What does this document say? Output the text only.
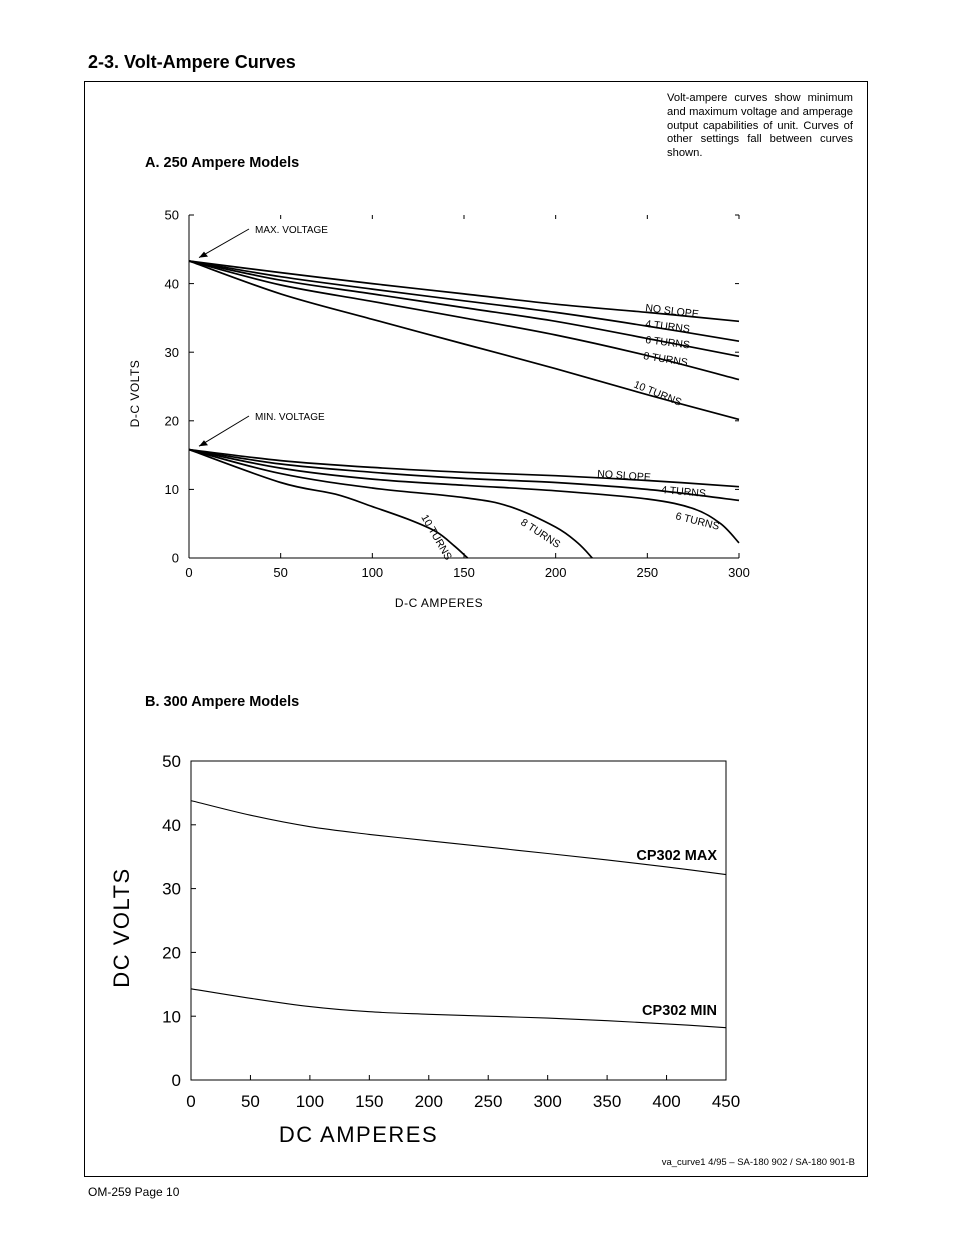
2-3. Volt-Ampere Curves

Volt-ampere curves show minimum and maximum voltage and amperage output capabilities of unit. Curves of other settings fall between curves shown.

A. 250 Ampere Models

0	50	100	150	200	250	300
0
10
20
30
40
50
D-C AMPERES
D-C VOLTS
NO SLOPE
4 TURNS
6 TURNS
8 TURNS
10 TURNS
NO SLOPE
4 TURNS
6 TURNS
8 TURNS
10 TURNS
MAX. VOLTAGE
MIN. VOLTAGE

B. 300 Ampere Models

0	50 100 150 200 250 300 350 400 450
0
10
20
30
40
50
DC AMPERES
DC VOLTS
CP302 MAX
CP302 MIN

va_curve1 4/95 – SA-180 902 / SA-180 901-B

OM-259 Page 10
